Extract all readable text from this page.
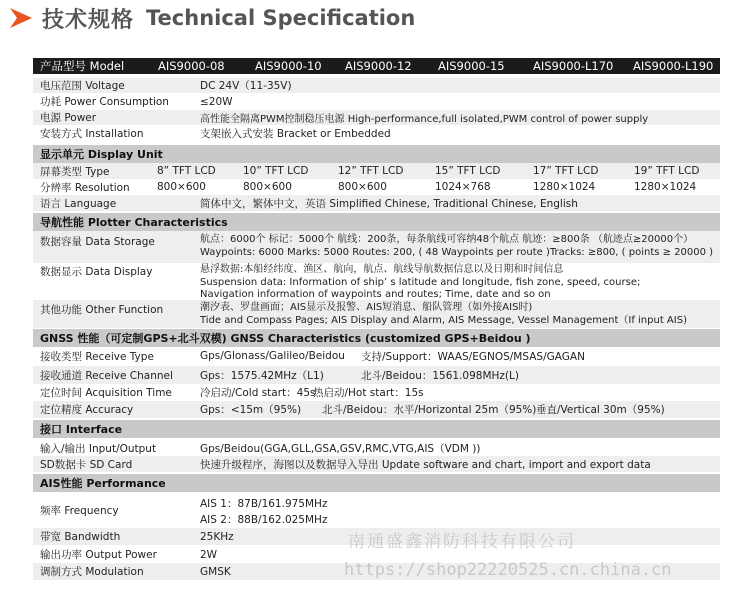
技术规格 Technical Specification
产品型号 Model	AIS9000-08	AIS9000-10 AIS9000-12 AIS9000-15 AIS9000-L170 AIS9000-L190
电压范围 Voltage	DC 24V（11-35V)
功耗 Power Consumption	≤20W
电源 Power	高性能全隔离PWM控制稳压电源 High-performance,full isolated,PWM control of power supply
安装方式 Installation	支架嵌入式安装 Bracket or Embedded
显示单元 Display Unit
屏幕类型 Type	8” TFT LCD	10” TFT LCD	12” TFT LCD	15” TFT LCD	17” TFT LCD	19” TFT LCD
分辨率 Resolution	800×600	800×600	800×600	1024×768	1280×1024	1280×1024
语言 Language	简体中文，繁体中文，英语 Simplified Chinese, Traditional Chinese, English
导航性能 Plotter Characteristics
数据容量 Data Storage	航点：6000个 标记：5000个 航线：200条，每条航线可容纳48个航点 航迹：≥800条 （航迹点≥20000个）
Waypoints: 6000 Marks: 5000 Routes: 200, ( 48 Waypoints per route )Tracks: ≥800, ( points ≥ 20000 )
数据显示 Data Display	悬浮数据:本船经纬度、渔区、航向，航点、航线导航数据信息以及日期和时间信息
Suspension data: Information of ship’ s latitude and longitude, fish zone, speed, course;
Navigation information of waypoints and routes; Time, date and so on
其他功能 Other Function	潮汐表、罗盘画面；AIS显示及报警、AIS短消息、船队管理（如外接AIS时)
Tide and Compass Pages; AIS Display and Alarm, AIS Message, Vessel Management（If input AIS)
GNSS 性能（可定制GPS+北斗双模) GNSS Characteristics (customized GPS+Beidou )
接收类型 Receive Type	Gps/Glonass/Galileo/Beidou 支持/Support：WAAS/EGNOS/MSAS/GAGAN
接收通道 Receive Channel	Gps：1575.42MHz（L1)	北斗/Beidou：1561.098MHz(L)
定位时间 Acquisition Time	冷启动/Cold start：45s
热启动/Hot start：15s
定位精度 Accuracy	Gps：<15m（95%) 北斗/Beidou：水平/Horizontal 25m（95%) 垂直/Vertical 30m（95%)
接口 Interface
输入/输出 Input/Output	Gps/Beidou(GGA,GLL,GSA,GSV,RMC,VTG,AIS（VDM ))
SD数据卡 SD Card	快速升级程序，海图以及数据导入导出 Update software and chart, import and export data
AIS性能 Performance
频率 Frequency
AIS 1：87B/161.975MHz
AIS 2：88B/162.025MHz
带宽 Bandwidth	25KHz
输出功率 Output Power	2W
调制方式 Modulation	GMSK
南通盛鑫消防科技有限公司
https://shop22220525.cn.china.cn
